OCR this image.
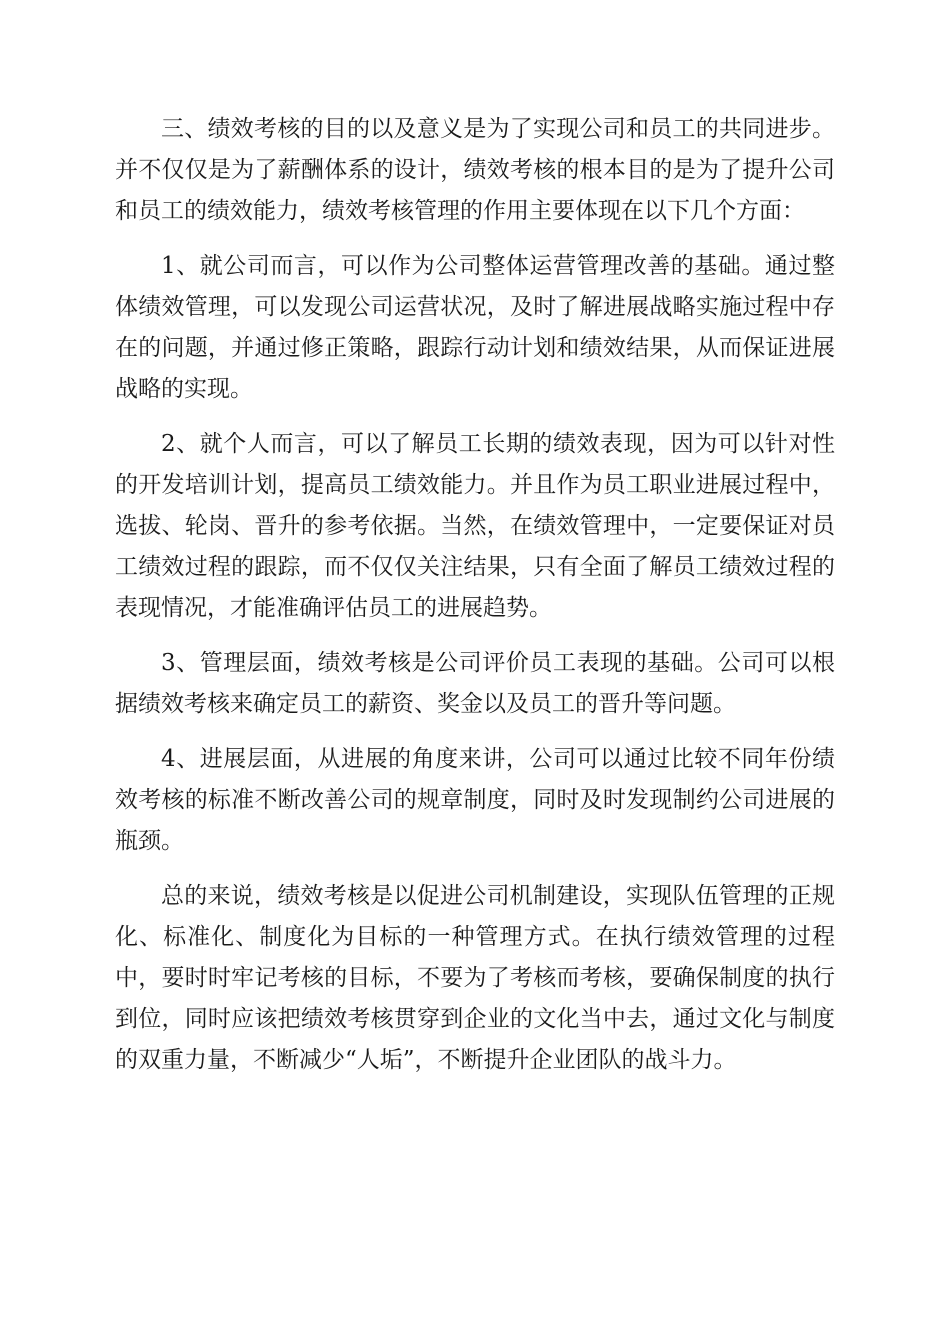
三、绩效考核的目的以及意义是为了实现公司和员工的共同进步。并不仅仅是为了薪酬体系的设计，绩效考核的根本目的是为了提升公司和员工的绩效能力，绩效考核管理的作用主要体现在以下几个方面：

1、就公司而言，可以作为公司整体运营管理改善的基础。通过整体绩效管理，可以发现公司运营状况，及时了解进展战略实施过程中存在的问题，并通过修正策略，跟踪行动计划和绩效结果，从而保证进展战略的实现。

2、就个人而言，可以了解员工长期的绩效表现，因为可以针对性的开发培训计划，提高员工绩效能力。并且作为员工职业进展过程中，选拔、轮岗、晋升的参考依据。当然，在绩效管理中，一定要保证对员工绩效过程的跟踪，而不仅仅关注结果，只有全面了解员工绩效过程的表现情况，才能准确评估员工的进展趋势。

3、管理层面，绩效考核是公司评价员工表现的基础。公司可以根据绩效考核来确定员工的薪资、奖金以及员工的晋升等问题。

4、进展层面，从进展的角度来讲，公司可以通过比较不同年份绩效考核的标准不断改善公司的规章制度，同时及时发现制约公司进展的瓶颈。

总的来说，绩效考核是以促进公司机制建设，实现队伍管理的正规化、标准化、制度化为目标的一种管理方式。在执行绩效管理的过程中，要时时牢记考核的目标，不要为了考核而考核，要确保制度的执行到位，同时应该把绩效考核贯穿到企业的文化当中去，通过文化与制度的双重力量，不断减少“人垢”，不断提升企业团队的战斗力。
